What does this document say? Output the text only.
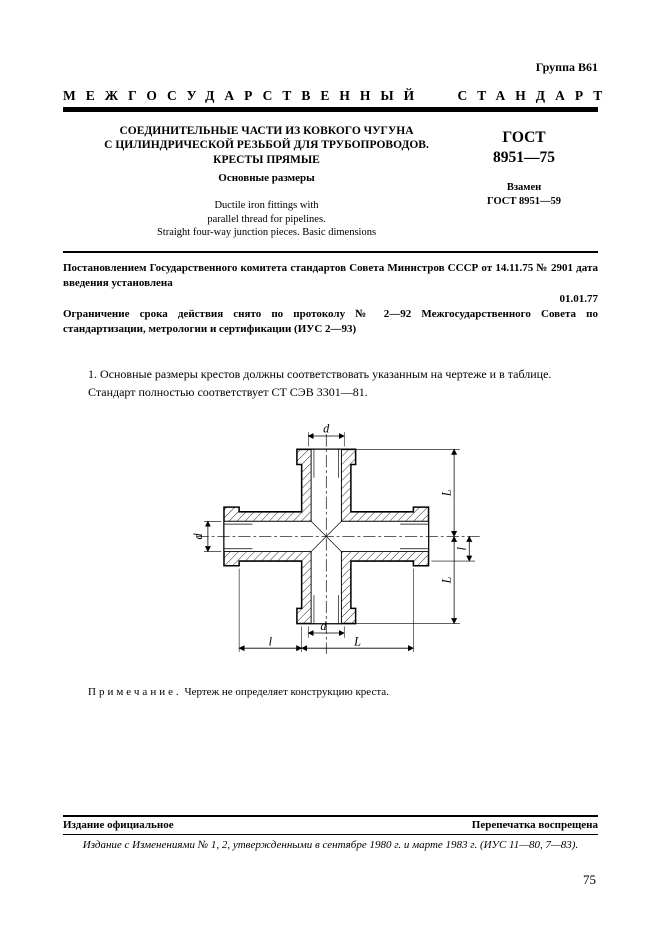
Группа В61
МЕЖГОСУДАРСТВЕННЫЙ СТАНДАРТ
СОЕДИНИТЕЛЬНЫЕ ЧАСТИ ИЗ КОВКОГО ЧУГУНА
С ЦИЛИНДРИЧЕСКОЙ РЕЗЬБОЙ ДЛЯ ТРУБОПРОВОДОВ.
КРЕСТЫ ПРЯМЫЕ
Основные размеры
Ductile iron fittings with
parallel thread for pipelines.
Straight four-way junction pieces. Basic dimensions
ГОСТ
8951—75
Взамен
ГОСТ 8951—59

Постановлением Государственного комитета стандартов Совета Министров СССР от 14.11.75 № 2901 дата введения установлена

01.01.77

Ограничение срока действия снято по протоколу № 2—92 Межгосударственного Совета по стандартизации, метрологии и сертификации (ИУС 2—93)

1. Основные размеры крестов должны соответствовать указанным на чертеже и в таблице.

Стандарт полностью соответствует СТ СЭВ 3301—81.

d
d
d
L
l
L
l	L

Примечание. Чертеж не определяет конструкцию креста.

Издание официальное	Перепечатка воспрещена
Издание с Изменениями № 1, 2, утвержденными в сентябре 1980 г. и марте 1983 г. (ИУС 11—80, 7—83).
75
